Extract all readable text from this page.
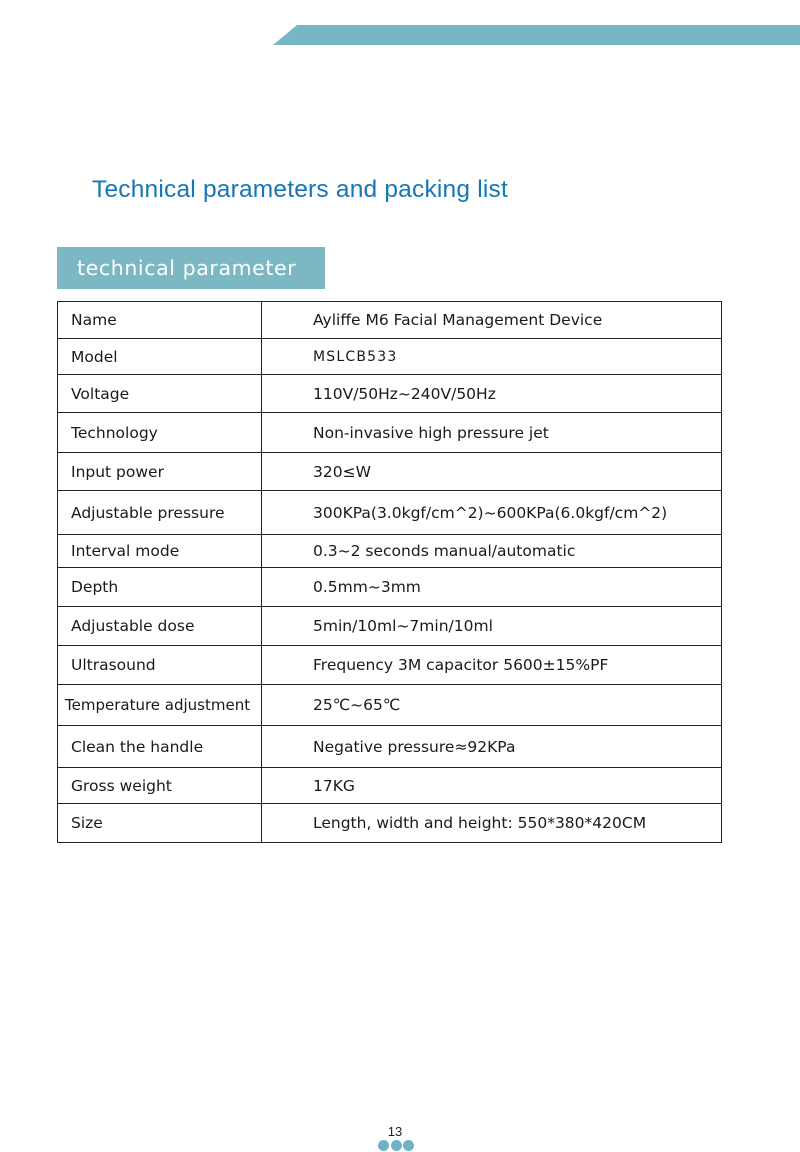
Technical parameters and packing list
technical parameter
Name	Ayliffe M6 Facial Management Device
Model	MSLCB533
Voltage	110V/50Hz~240V/50Hz
Technology	Non-invasive high pressure jet
Input power	320≤W
Adjustable pressure	300KPa(3.0kgf/cm^2)~600KPa(6.0kgf/cm^2)
Interval mode	0.3~2 seconds manual/automatic
Depth	0.5mm~3mm
Adjustable dose	5min/10ml~7min/10ml
Ultrasound	Frequency 3M capacitor 5600±15%PF
Temperature adjustment	25℃~65℃
Clean the handle	Negative pressure≈92KPa
Gross weight	17KG
Size	Length, width and height: 550*380*420CM
13
